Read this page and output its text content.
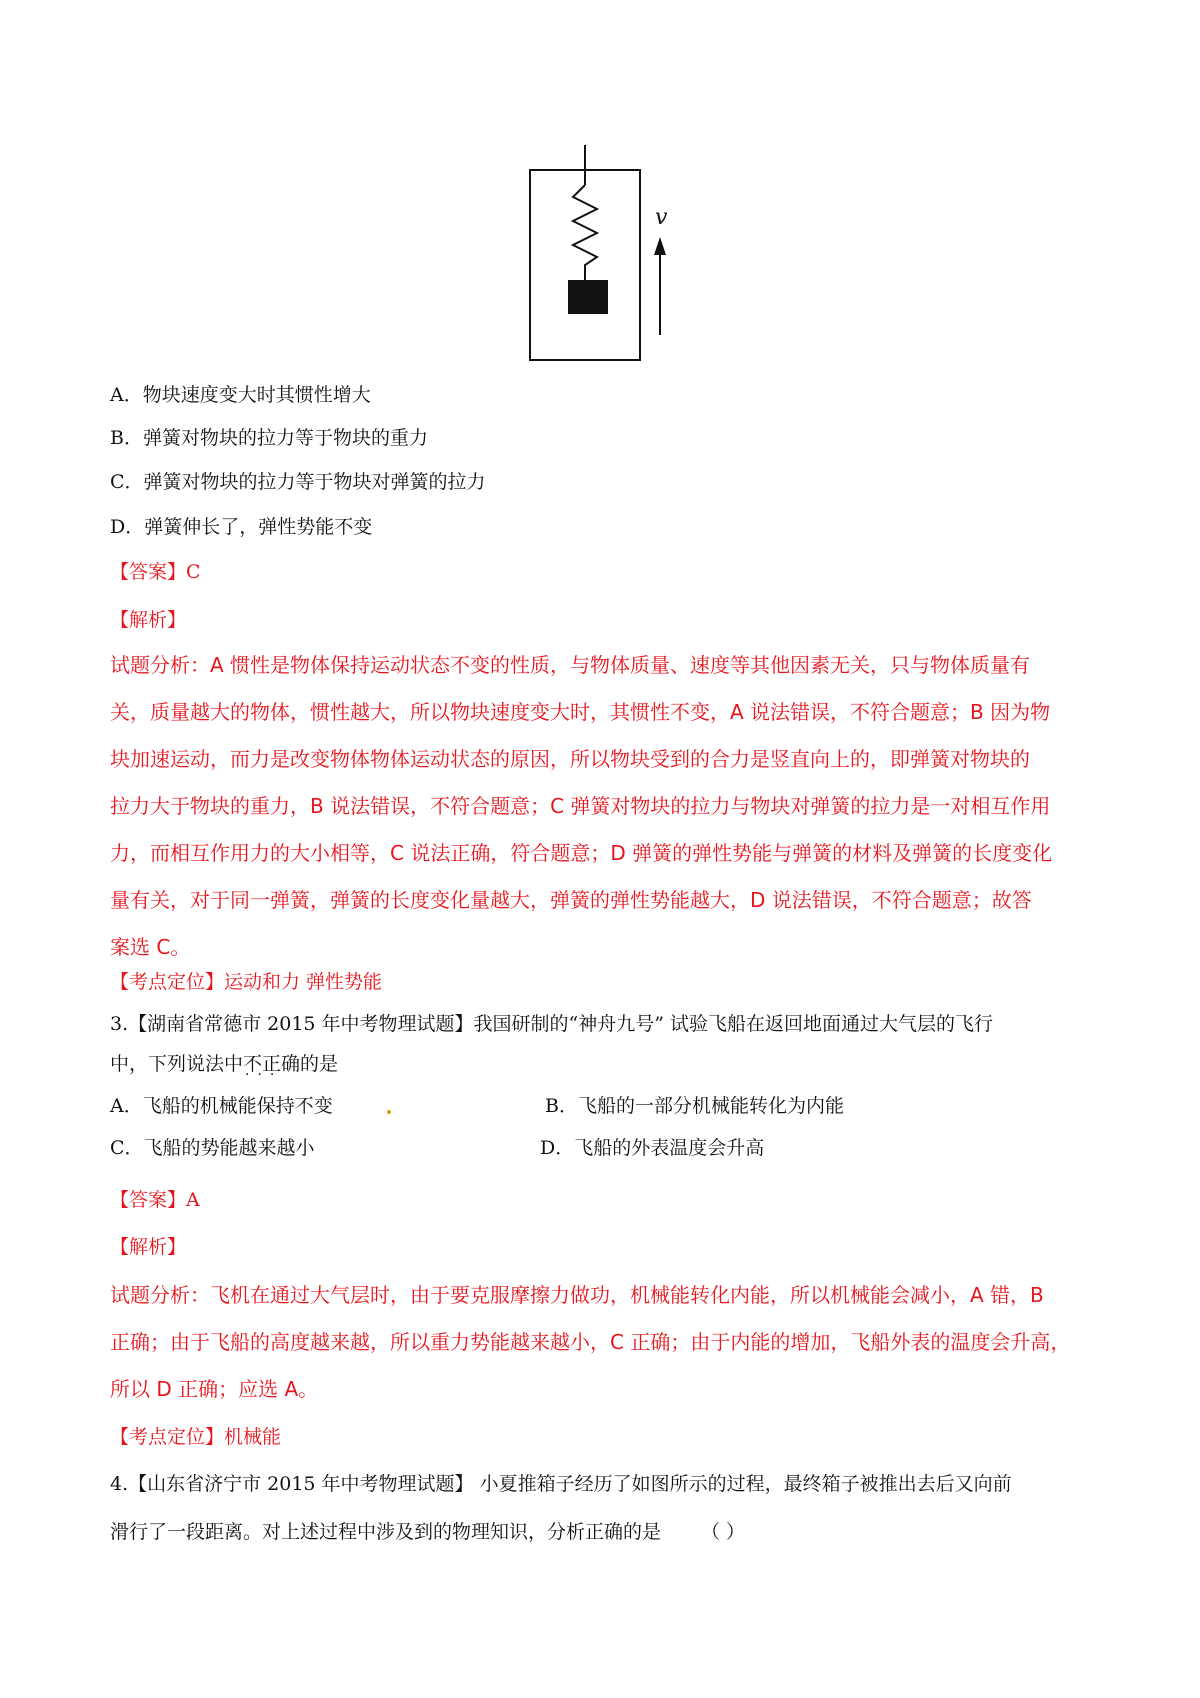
v
A．物块速度变大时其惯性增大
B．弹簧对物块的拉力等于物块的重力
C．弹簧对物块的拉力等于物块对弹簧的拉力
D．弹簧伸长了，弹性势能不变
【答案】C
【解析】
试题分析：A 惯性是物体保持运动状态不变的性质，与物体质量、速度等其他因素无关，只与物体质量有
关，质量越大的物体，惯性越大，所以物块速度变大时，其惯性不变，A 说法错误，不符合题意；B 因为物
块加速运动，而力是改变物体物体运动状态的原因，所以物块受到的合力是竖直向上的，即弹簧对物块的
拉力大于物块的重力，B 说法错误，不符合题意；C 弹簧对物块的拉力与物块对弹簧的拉力是一对相互作用
力，而相互作用力的大小相等，C 说法正确，符合题意；D 弹簧的弹性势能与弹簧的材料及弹簧的长度变化
量有关，对于同一弹簧，弹簧的长度变化量越大，弹簧的弹性势能越大，D 说法错误，不符合题意；故答
案选 C。
【考点定位】运动和力 弹性势能
3.【湖南省常德市 2015 年中考物理试题】我国研制的“神舟九号” 试验飞船在返回地面通过大气层的飞行
中，下列说法中不正确 ···的是
A．飞船的机械能保持不变	B．飞船的一部分机械能转化为内能
C．飞船的势能越来越小	D．飞船的外表温度会升高
【答案】A
【解析】
试题分析：飞机在通过大气层时，由于要克服摩擦力做功，机械能转化内能，所以机械能会减小，A 错，B
正确；由于飞船的高度越来越，所以重力势能越来越小，C 正确；由于内能的增加，飞船外表的温度会升高，
所以 D 正确；应选 A。
【考点定位】机械能
4.【山东省济宁市 2015 年中考物理试题】 小夏推箱子经历了如图所示的过程，最终箱子被推出去后又向前
滑行了一段距离。对上述过程中涉及到的物理知识，分析正确的是 （ ）
